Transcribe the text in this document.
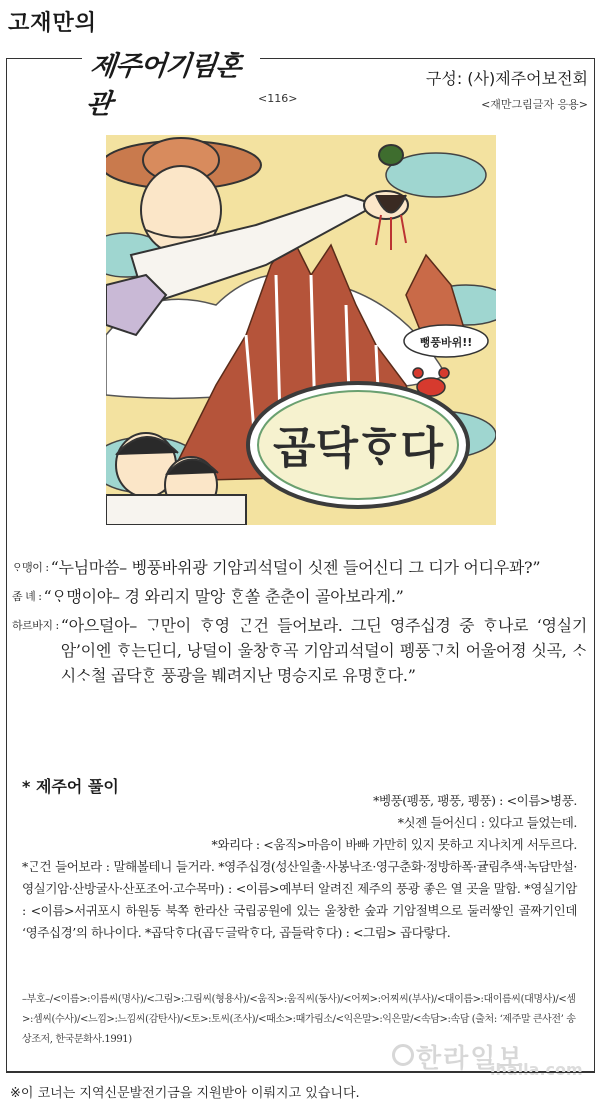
고재만의
제주어기림혼관	<116>
구성: (사)제주어보전회
<재만그림글자 응용>
뻥풍바위!!
곱닥ᄒᆞ다
ᄋᆞ맹이 : “누님마씀– 벵풍바위광 기암괴석덜이 싯젠 들어신디 그 디가 어디우꽈?”
좀 녜 : “ᄋᆞ맹이야– 경 와리지 말앙 ᄒᆞᆫ쏠 춘춘이 골아보라게.”
하르바지 : “아으덜아– ᄀᆞ만이 ᄒᆞ영 ᄀᆞᆫ건 들어보라. 그딘 영주십경 중 ᄒᆞ나로 ‘영실기암’이엔 ᄒᆞ는딘디, 낭덜이 울창ᄒᆞ곡 기암괴석덜이 펭풍ᄀᆞ치 어울어졍 싯곡, ᄉᆞ시ᄉᆞ철 곱닥ᄒᆞᆫ 풍광을 붸려지난 명승지로 유명ᄒᆞᆫ다.”
* 제주어 풀이
*벵풍(펭풍, 팽풍, 펭풍) : <이름>병풍.
*싯젠 들어신디 : 있다고 들었는데.
*와리다 : <움직>마음이 바빠 가만히 있지 못하고 지나치게 서두르다.
*ᄀᆞᆫ건 들어보라 : 말해볼테니 들거라. *영주십경(성산일출·사봉낙조·영구춘화·정방하폭·귤림추색·녹담만설·영실기암·산방굴사·산포조어·고수목마) : <이름>예부터 알려진 제주의 풍광 좋은 열 곳을 말함. *영실기암 : <이름>서귀포시 하원동 북쪽 한라산 국립공원에 있는 울창한 숲과 기암절벽으로 둘러쌓인 골짜기인데 ‘영주십경’의 하나이다. *곱닥ᄒᆞ다(곱ᄃᆞ글락ᄒᆞ다, 곱들락ᄒᆞ다) : <그림> 곱다랗다.
–부호–/<이름>:이름씨(명사)/<그림>:그림씨(형용사)/<움직>:움직씨(동사)/<어찌>:어찌씨(부사)/<대이름>:대이름씨(대명사)/<셈>:셈씨(수사)/<느낌>:느낌씨(감탄사)/<토>:토씨(조사)/<때소>:때가림소/<익은말>:익은말/<속담>:속담 (출처: ‘제주말 큰사전’ 송상조저, 한국문화사.1991)
한라일보
ihalla.com
※이 코너는 지역신문발전기금을 지원받아 이뤄지고 있습니다.
